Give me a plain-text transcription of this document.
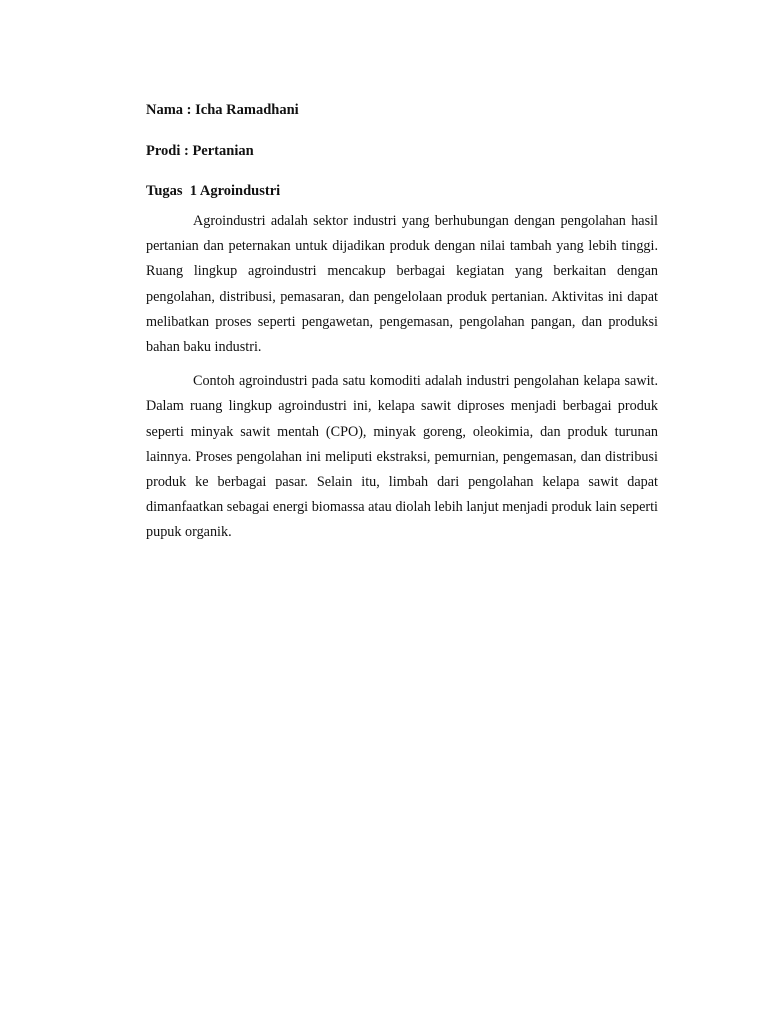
Nama : Icha Ramadhani

Prodi : Pertanian

Tugas  1 Agroindustri

Agroindustri adalah sektor industri yang berhubungan dengan pengolahan hasil pertanian dan peternakan untuk dijadikan produk dengan nilai tambah yang lebih tinggi. Ruang lingkup agroindustri mencakup berbagai kegiatan yang berkaitan dengan pengolahan, distribusi, pemasaran, dan pengelolaan produk pertanian. Aktivitas ini dapat melibatkan proses seperti pengawetan, pengemasan, pengolahan pangan, dan produksi bahan baku industri.

Contoh agroindustri pada satu komoditi adalah industri pengolahan kelapa sawit. Dalam ruang lingkup agroindustri ini, kelapa sawit diproses menjadi berbagai produk seperti minyak sawit mentah (CPO), minyak goreng, oleokimia, dan produk turunan lainnya. Proses pengolahan ini meliputi ekstraksi, pemurnian, pengemasan, dan distribusi produk ke berbagai pasar. Selain itu, limbah dari pengolahan kelapa sawit dapat dimanfaatkan sebagai energi biomassa atau diolah lebih lanjut menjadi produk lain seperti pupuk organik.
